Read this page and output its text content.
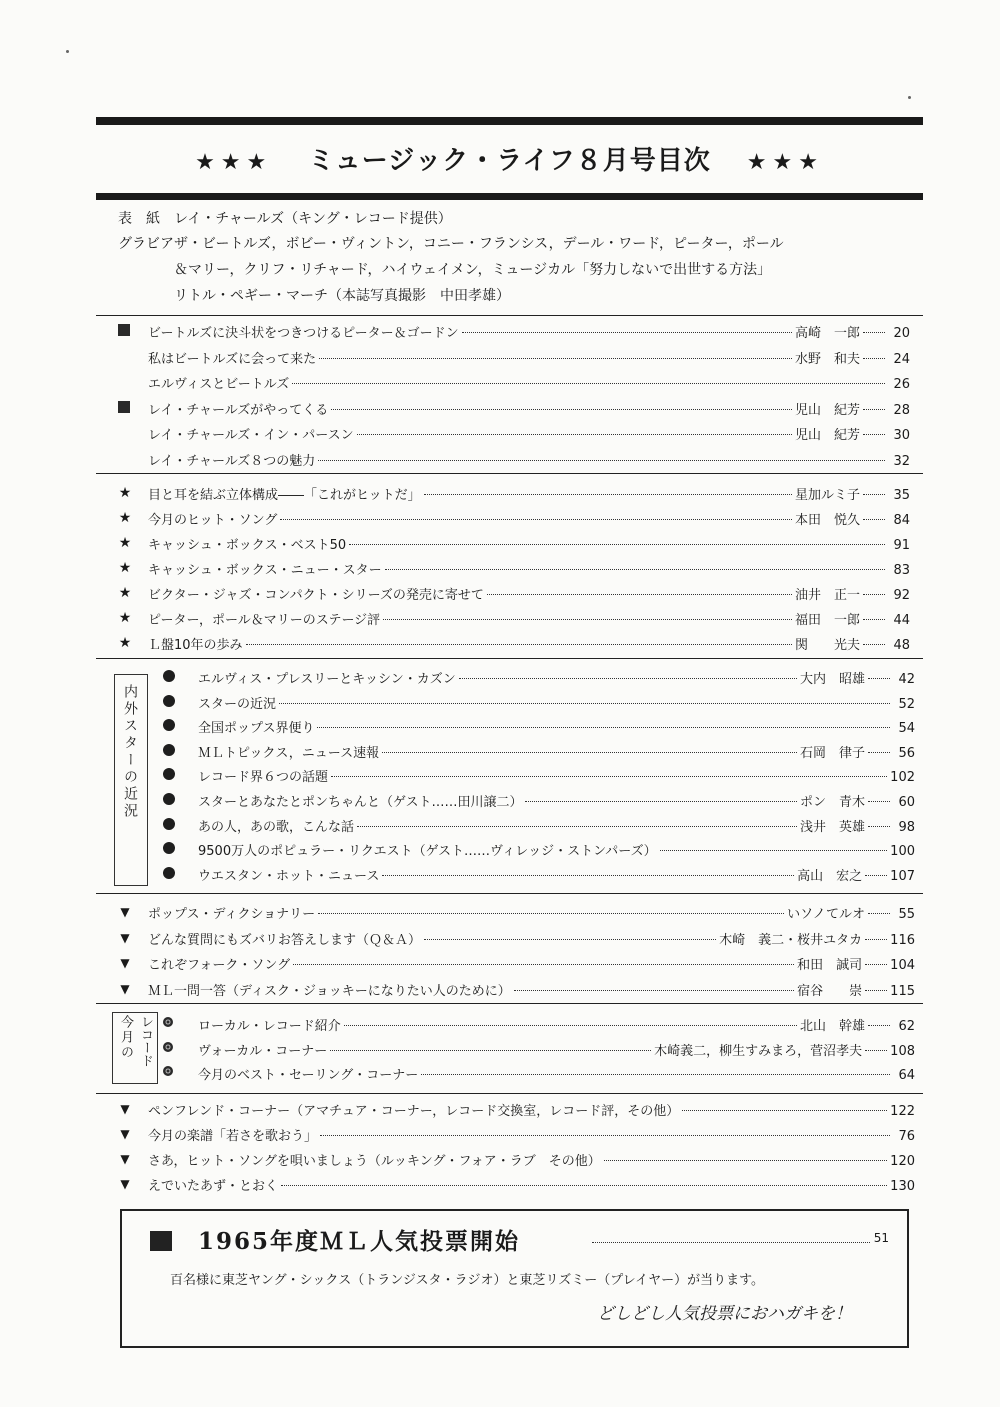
★★★ ミュージック・ライフ８月号目次 ★★★
表　紙 レイ・チャールズ（キング・レコード提供）
グラビア ザ・ビートルズ，ボビー・ヴィントン，コニー・フランシス，デール・ワード，ピーター，ポール
＆マリー，クリフ・リチャード，ハイウェイメン，ミュージカル「努力しないで出世する方法」
リトル・ペギー・マーチ（本誌写真撮影　中田孝雄）
ビートルズに決斗状をつきつけるピーター＆ゴードン	高崎　一郎	20
私はビートルズに会って来た	水野　和夫	24
エルヴィスとビートルズ	26
レイ・チャールズがやってくる	児山　紀芳	28
レイ・チャールズ・イン・パースン	児山　紀芳	30
レイ・チャールズ８つの魅力	32
★ 目と耳を結ぶ立体構成――「これがヒットだ」	星加ルミ子	35
★ 今月のヒット・ソング	本田　悦久	84
★ キャッシュ・ボックス・ベスト50	91
★ キャッシュ・ボックス・ニュー・スター	83
★ ビクター・ジャズ・コンパクト・シリーズの発売に寄せて	油井　正一	92
★ ピーター，ポール＆マリーのステージ評	福田　一郎	44
★ Ｌ盤10年の歩み	関　　光夫	48
内外スターの近況
エルヴィス・プレスリーとキッシン・カズン	大内　昭雄	42
スターの近況	52
全国ポップス界便り	54
ＭＬトピックス，ニュース速報	石岡　律子	56
レコード界６つの話題	102
スターとあなたとポンちゃんと（ゲスト……田川譲二）	ポン　青木	60
あの人，あの歌，こんな話	浅井　英雄	98
9500万人のポピュラー・リクエスト（ゲスト……ヴィレッジ・ストンパーズ）	100
ウエスタン・ホット・ニュース	高山　宏之 107
▼ ポップス・ディクショナリー	いソノてルオ	55
▼ どんな質問にもズバリお答えします（Ｑ＆Ａ）	木崎　義二・桜井ユタカ 116
▼ これぞフォーク・ソング	和田　誠司 104
▼ ＭＬ一問一答（ディスク・ジョッキーになりたい人のために）	宿谷　　崇 115
レコード
今月の	ローカル・レコード紹介	北山　幹雄	62
ヴォーカル・コーナー	木崎義二，柳生すみまろ，菅沼孝夫 108
今月のベスト・セーリング・コーナー	64
▼ ペンフレンド・コーナー（アマチュア・コーナー，レコード交換室，レコード評，その他）	122
▼ 今月の楽譜「若さを歌おう」	76
▼ さあ，ヒット・ソングを唄いましょう（ルッキング・フォア・ラブ　その他）	120
▼ えでいたあず・とおく	130
1965年度ＭＬ人気投票開始	51
百名様に東芝ヤング・シックス（トランジスタ・ラジオ）と東芝リズミー（プレイヤー）が当ります。
どしどし人気投票におハガキを！
